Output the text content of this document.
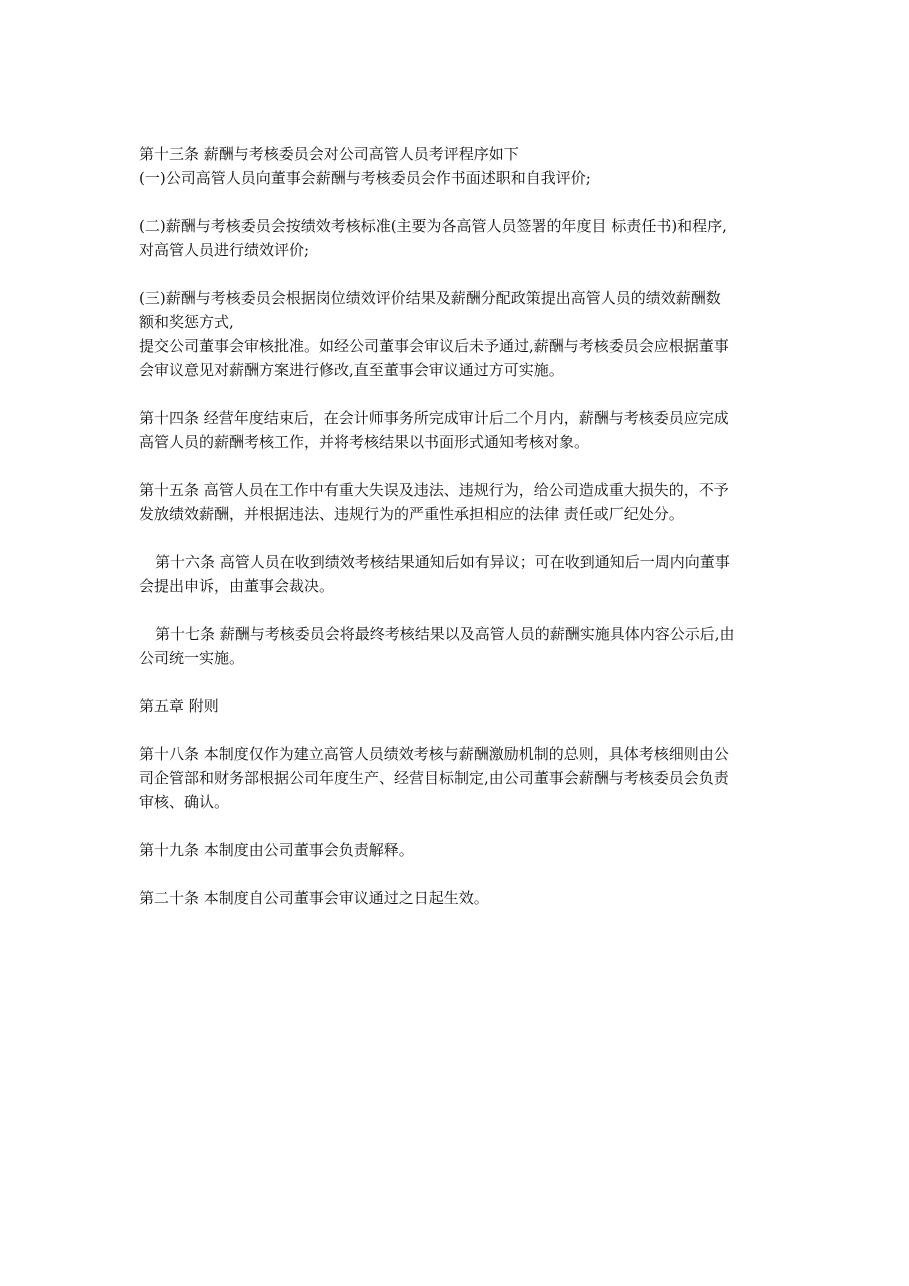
第十三条 薪酬与考核委员会对公司高管人员考评程序如下
(一)公司高管人员向董事会薪酬与考核委员会作书面述职和自我评价;
(二)薪酬与考核委员会按绩效考核标准(主要为各高管人员签署的年度目 标责任书)和程序,
对高管人员进行绩效评价;
(三)薪酬与考核委员会根据岗位绩效评价结果及薪酬分配政策提出高管人员的绩效薪酬数
额和奖惩方式,
提交公司董事会审核批准。如经公司董事会审议后未予通过,薪酬与考核委员会应根据董事
会审议意见对薪酬方案进行修改,直至董事会审议通过方可实施。
第十四条 经营年度结束后，在会计师事务所完成审计后二个月内，薪酬与考核委员应完成
高管人员的薪酬考核工作，并将考核结果以书面形式通知考核对象。
第十五条 高管人员在工作中有重大失误及违法、违规行为，给公司造成重大损失的，不予
发放绩效薪酬，并根据违法、违规行为的严重性承担相应的法律 责任或厂纪处分。
第十六条 高管人员在收到绩效考核结果通知后如有异议；可在收到通知后一周内向董事
会提出申诉，由董事会裁决。
第十七条 薪酬与考核委员会将最终考核结果以及高管人员的薪酬实施具体内容公示后,由
公司统一实施。
第五章 附则
第十八条 本制度仅作为建立高管人员绩效考核与薪酬激励机制的总则，具体考核细则由公
司企管部和财务部根据公司年度生产、经营目标制定,由公司董事会薪酬与考核委员会负责
审核、确认。
第十九条 本制度由公司董事会负责解释。
第二十条 本制度自公司董事会审议通过之日起生效。
